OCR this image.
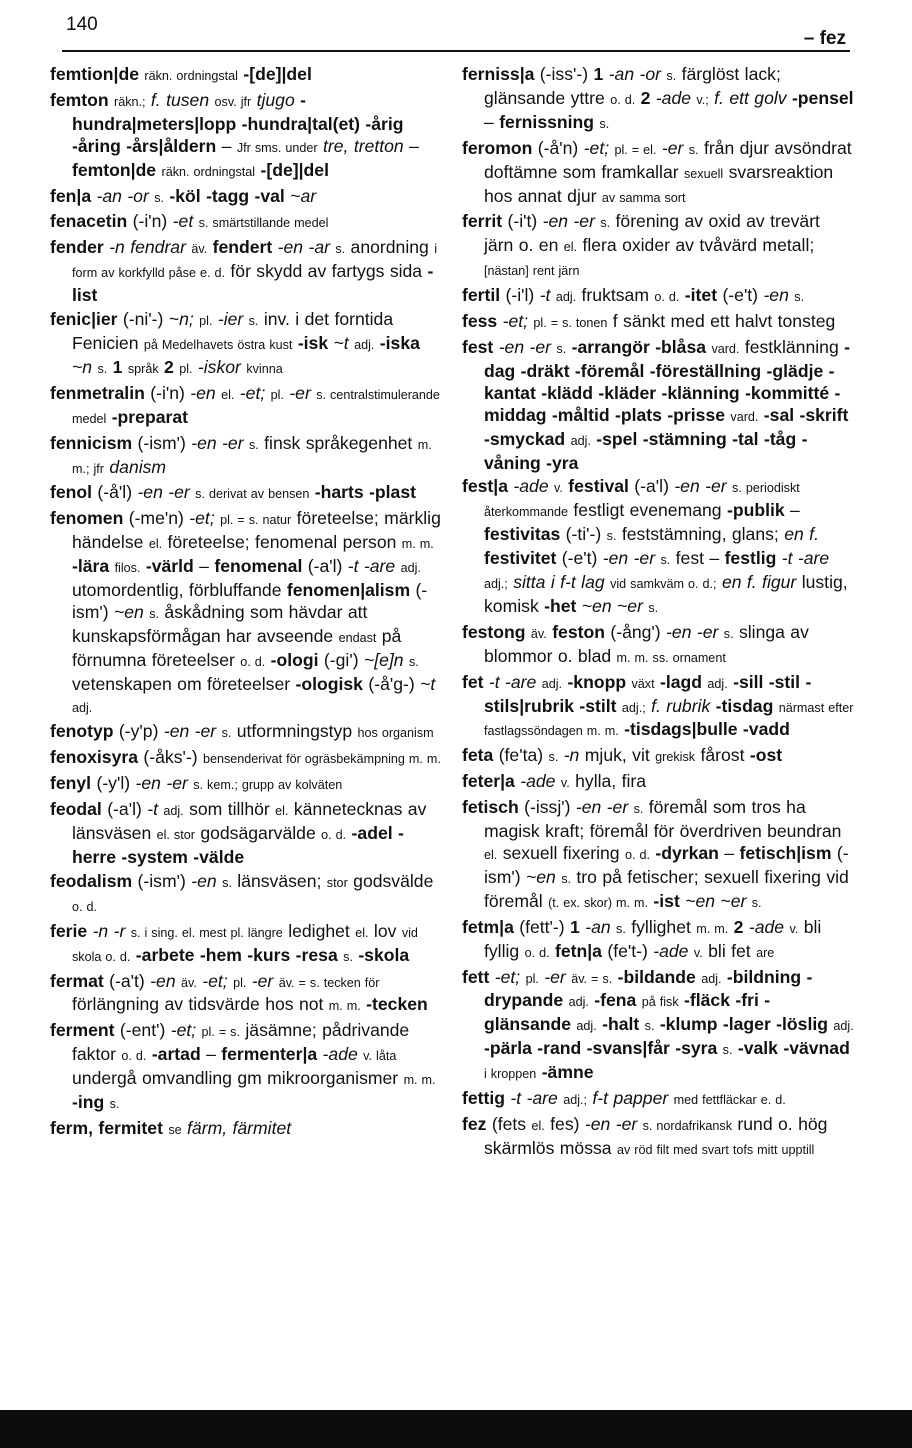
140
– fez

femtion|de räkn. ordningstal -[de]|del

femton räkn.; f. tusen osv. jfr tjugo -hundra|meters|lopp -hundra|tal(et) -årig -åring -års|åldern – Jfr sms. under tre, tretton – femton|de räkn. ordningstal -[de]|del

fen|a -an -or s. -köl -tagg -val ~ar

fenacetin (-i'n) -et s. smärtstillande medel

fender -n fendrar äv. fendert -en -ar s. anordning i form av korkfylld påse e. d. för skydd av fartygs sida -list

fenic|ier (-ni'-) ~n; pl. -ier s. inv. i det forntida Fenicien på Medelhavets östra kust -isk ~t adj. -iska ~n s. 1 språk 2 pl. -iskor kvinna

fenmetralin (-i'n) -en el. -et; pl. -er s. centralstimulerande medel -preparat

fennicism (-ism') -en -er s. finsk språkegenhet m. m.; jfr danism

fenol (-å'l) -en -er s. derivat av bensen -harts -plast

fenomen (-me'n) -et; pl. = s. natur företeelse; märklig händelse el. företeelse; fenomenal person m. m. -lära filos. -värld – fenomenal (-a'l) -t -are adj. utomordentlig, förbluffande fenomen|alism (-ism') ~en s. åskådning som hävdar att kunskapsförmågan har avseende endast på förnumna företeelser o. d. -ologi (-gi') ~[e]n s. vetenskapen om företeelser -ologisk (-å'g-) ~t adj.

fenotyp (-y'p) -en -er s. utformningstyp hos organism

fenoxisyra (-åks'-) bensenderivat för ogräsbekämpning m. m.

fenyl (-y'l) -en -er s. kem.; grupp av kolväten

feodal (-a'l) -t adj. som tillhör el. kännetecknas av länsväsen el. stor godsägarvälde o. d. -adel -herre -system -välde

feodalism (-ism') -en s. länsväsen; stor godsvälde o. d.

ferie -n -r s. i sing. el. mest pl. längre ledighet el. lov vid skola o. d. -arbete -hem -kurs -resa s. -skola

fermat (-a't) -en äv. -et; pl. -er äv. = s. tecken för förlängning av tidsvärde hos not m. m. -tecken

ferment (-ent') -et; pl. = s. jäsämne; pådrivande faktor o. d. -artad – fermenter|a -ade v. låta undergå omvandling gm mikroorganismer m. m. -ing s.

ferm, fermitet se färm, färmitet

ferniss|a (-iss'-) 1 -an -or s. färglöst lack; glänsande yttre o. d. 2 -ade v.; f. ett golv -pensel – fernissning s.

feromon (-å'n) -et; pl. = el. -er s. från djur avsöndrat doftämne som framkallar sexuell svarsreaktion hos annat djur av samma sort

ferrit (-i't) -en -er s. förening av oxid av trevärt järn o. en el. flera oxider av tvåvärd metall; [nästan] rent järn

fertil (-i'l) -t adj. fruktsam o. d. -itet (-e't) -en s.

fess -et; pl. = s. tonen f sänkt med ett halvt tonsteg

fest -en -er s. -arrangör -blåsa vard. festklänning -dag -dräkt -föremål -föreställning -glädje -kantat -klädd -kläder -klänning -kommitté -middag -måltid -plats -prisse vard. -sal -skrift -smyckad adj. -spel -stämning -tal -tåg -våning -yra

fest|a -ade v. festival (-a'l) -en -er s. periodiskt återkommande festligt evenemang -publik – festivitas (-ti'-) s. feststämning, glans; en f. festivitet (-e't) -en -er s. fest – festlig -t -are adj.; sitta i f-t lag vid samkväm o. d.; en f. figur lustig, komisk -het ~en ~er s.

festong äv. feston (-ång') -en -er s. slinga av blommor o. blad m. m. ss. ornament

fet -t -are adj. -knopp växt -lagd adj. -sill -stil -stils|rubrik -stilt adj.; f. rubrik -tisdag närmast efter fastlagssöndagen m. m. -tisdags|bulle -vadd

feta (fe'ta) s. -n mjuk, vit grekisk fårost -ost

feter|a -ade v. hylla, fira

fetisch (-issj') -en -er s. föremål som tros ha magisk kraft; föremål för överdriven beundran el. sexuell fixering o. d. -dyrkan – fetisch|ism (-ism') ~en s. tro på fetischer; sexuell fixering vid föremål (t. ex. skor) m. m. -ist ~en ~er s.

fetm|a (fett'-) 1 -an s. fyllighet m. m. 2 -ade v. bli fyllig o. d. fetn|a (fe't-) -ade v. bli fet are

fett -et; pl. -er äv. = s. -bildande adj. -bildning -drypande adj. -fena på fisk -fläck -fri -glänsande adj. -halt s. -klump -lager -löslig adj. -pärla -rand -svans|får -syra s. -valk -vävnad i kroppen -ämne

fettig -t -are adj.; f-t papper med fettfläckar e. d.

fez (fets el. fes) -en -er s. nordafrikansk rund o. hög skärmlös mössa av röd filt med svart tofs mitt upptill
